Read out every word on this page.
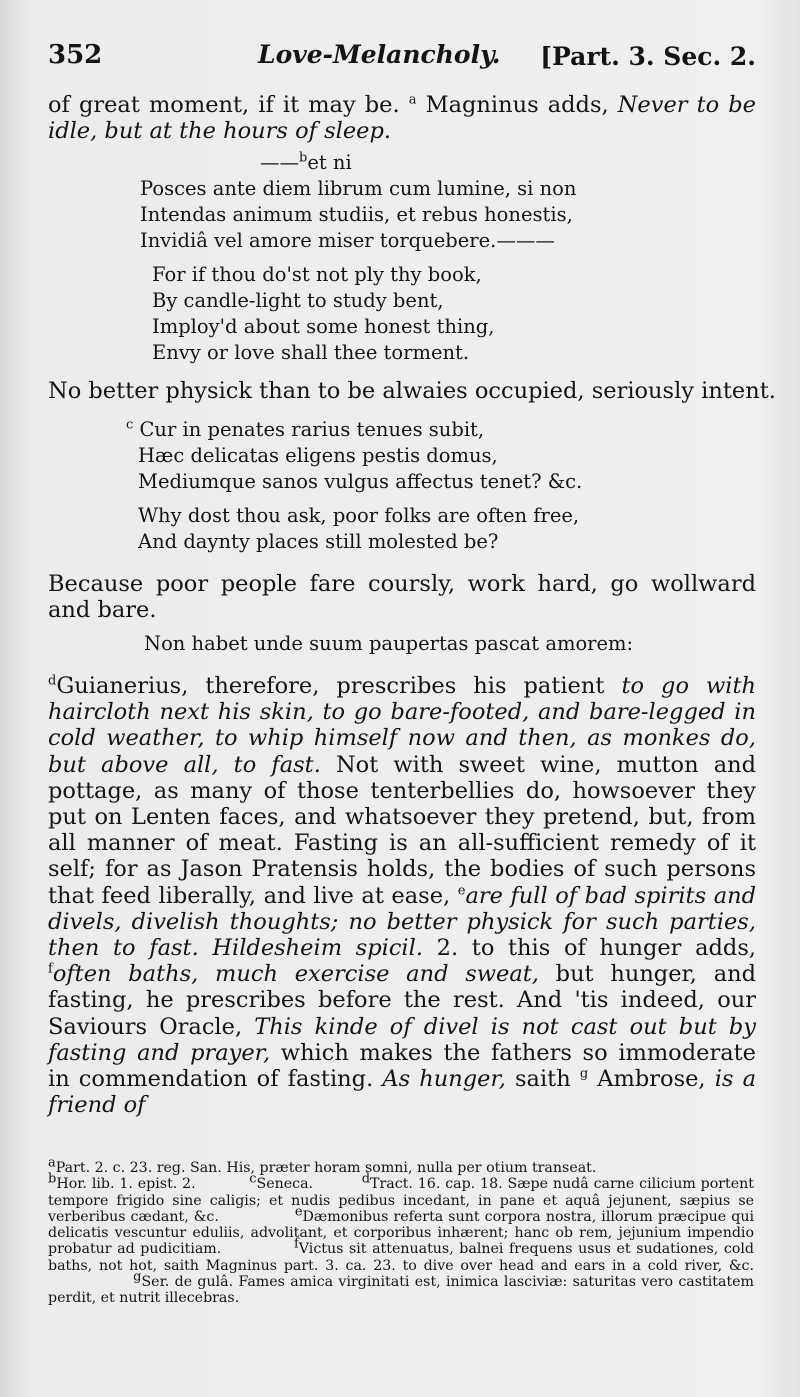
352	Love-Melancholy. [Part. 3. Sec. 2.

of great moment, if it may be. $^a$ Magninus adds, Never to be idle, but at the hours of sleep.

——$^b$et ni

Posces ante diem librum cum lumine, si non
Intendas animum studiis, et rebus honestis,
Invidiâ vel amore miser torquebere.———
For if thou do'st not ply thy book,
By candle-light to study bent,
Imploy'd about some honest thing,
Envy or love shall thee torment.

No better physick than to be alwaies occupied, seriously intent.

$^c$ Cur in penates rarius tenues subit,
Hæc delicatas eligens pestis domus,
Mediumque sanos vulgus affectus tenet? &c.
Why dost thou ask, poor folks are often free,
And daynty places still molested be?

Because poor people fare coursly, work hard, go wollward and bare.

Non habet unde suum paupertas pascat amorem:

$^d$Guianerius, therefore, prescribes his patient to go with haircloth next his skin, to go bare-footed, and bare-legged in cold weather, to whip himself now and then, as monkes do, but above all, to fast. Not with sweet wine, mutton and pottage, as many of those tenterbellies do, howsoever they put on Lenten faces, and whatsoever they pretend, but, from all manner of meat. Fasting is an all-sufficient remedy of it self; for as Jason Pratensis holds, the bodies of such persons that feed liberally, and live at ease, $^e$are full of bad spirits and divels, divelish thoughts; no better physick for such parties, then to fast. Hildesheim spicil. 2. to this of hunger adds, $^f$often baths, much exercise and sweat, but hunger, and fasting, he prescribes before the rest. And 'tis indeed, our Saviours Oracle, This kinde of divel is not cast out but by fasting and prayer, which makes the fathers so immoderate in commendation of fasting. As hunger, saith $^g$ Ambrose, is a friend of

aPart. 2. c. 23. reg. San. His, præter horam somni, nulla per otium transeat.

bHor. lib. 1. epist. 2.	cSeneca.	dTract. 16. cap. 18. Sæpe nudâ carne cilicium portent tempore frigido sine caligis; et nudis pedibus incedant, in pane et aquâ jejunent, sæpius se verberibus cædant, &c.	eDæmonibus referta sunt corpora nostra, illorum præcipue qui delicatis vescuntur eduliis, advolitant, et corporibus inhærent; hanc ob rem, jejunium impendio probatur ad pudicitiam.	fVictus sit attenuatus, balnei frequens usus et sudationes, cold baths, not hot, saith Magninus part. 3. ca. 23. to dive over head and ears in a cold river, &c.                 gSer. de gulâ. Fames amica virginitati est, inimica lasciviæ: saturitas vero castitatem perdit, et nutrit illecebras.
